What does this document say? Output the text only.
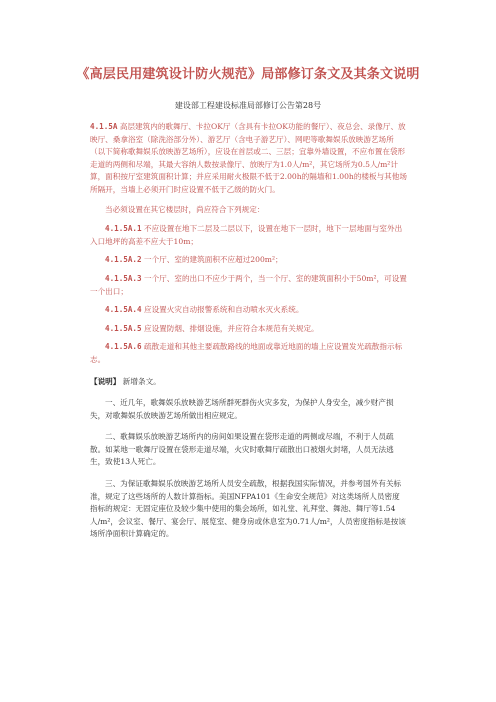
《高层民用建筑设计防火规范》局部修订条文及其条文说明
建设部工程建设标准局部修订公告第28号

4.1.5A 高层建筑内的歌舞厅、卡拉OK厅（含具有卡拉OK功能的餐厅）、夜总会、录像厅、放映厅、桑拿浴室（除洗浴部分外）、游艺厅（含电子游艺厅）、网吧等歌舞娱乐放映游艺场所（以下简称歌舞娱乐放映游艺场所），应设在首层或二、三层；宜靠外墙设置，不应布置在袋形走道的两侧和尽端，其最大容纳人数按录像厅、放映厅为1.0人/m²，其它场所为0.5人/m²计算，面积按厅室建筑面积计算；并应采用耐火极限不低于2.00h的隔墙和1.00h的楼板与其他场所隔开，当墙上必须开门时应设置不低于乙级的防火门。

当必须设置在其它楼层时，尚应符合下列规定：

4.1.5A.1 不应设置在地下二层及二层以下，设置在地下一层时，地下一层地面与室外出入口地坪的高差不应大于10m；

4.1.5A.2 一个厅、室的建筑面积不应超过200m²；

4.1.5A.3 一个厅、室的出口不应少于两个，当一个厅、室的建筑面积小于50m²，可设置一个出口；

4.1.5A.4 应设置火灾自动报警系统和自动喷水灭火系统。

4.1.5A.5 应设置防烟、排烟设施，并应符合本规范有关规定。

4.1.5A.6 疏散走道和其他主要疏散路线的地面或靠近地面的墙上应设置发光疏散指示标志。

【说明】 新增条文。

一、近几年，歌舞娱乐放映游艺场所群死群伤火灾多发，为保护人身安全，减少财产损失，对歌舞娱乐放映游艺场所做出相应规定。

二、歌舞娱乐放映游艺场所内的房间如果设置在袋形走道的两侧或尽端，不利于人员疏散。如某地一歌舞厅设置在袋形走道尽端，火灾时歌舞厅疏散出口被烟火封堵，人员无法逃生，致使13人死亡。

三、为保证歌舞娱乐放映游艺场所人员安全疏散，根据我国实际情况，并参考国外有关标准，规定了这些场所的人数计算指标。美国NFPA101《生命安全规范》对这类场所人员密度指标的规定：无固定座位及较少集中使用的集会场所，如礼堂、礼拜堂、舞池、舞厅等1.54人/m²，会议室、餐厅、宴会厅、展览室、健身房或休息室为0.71人/m²，人员密度指标是按该场所净面积计算确定的。
